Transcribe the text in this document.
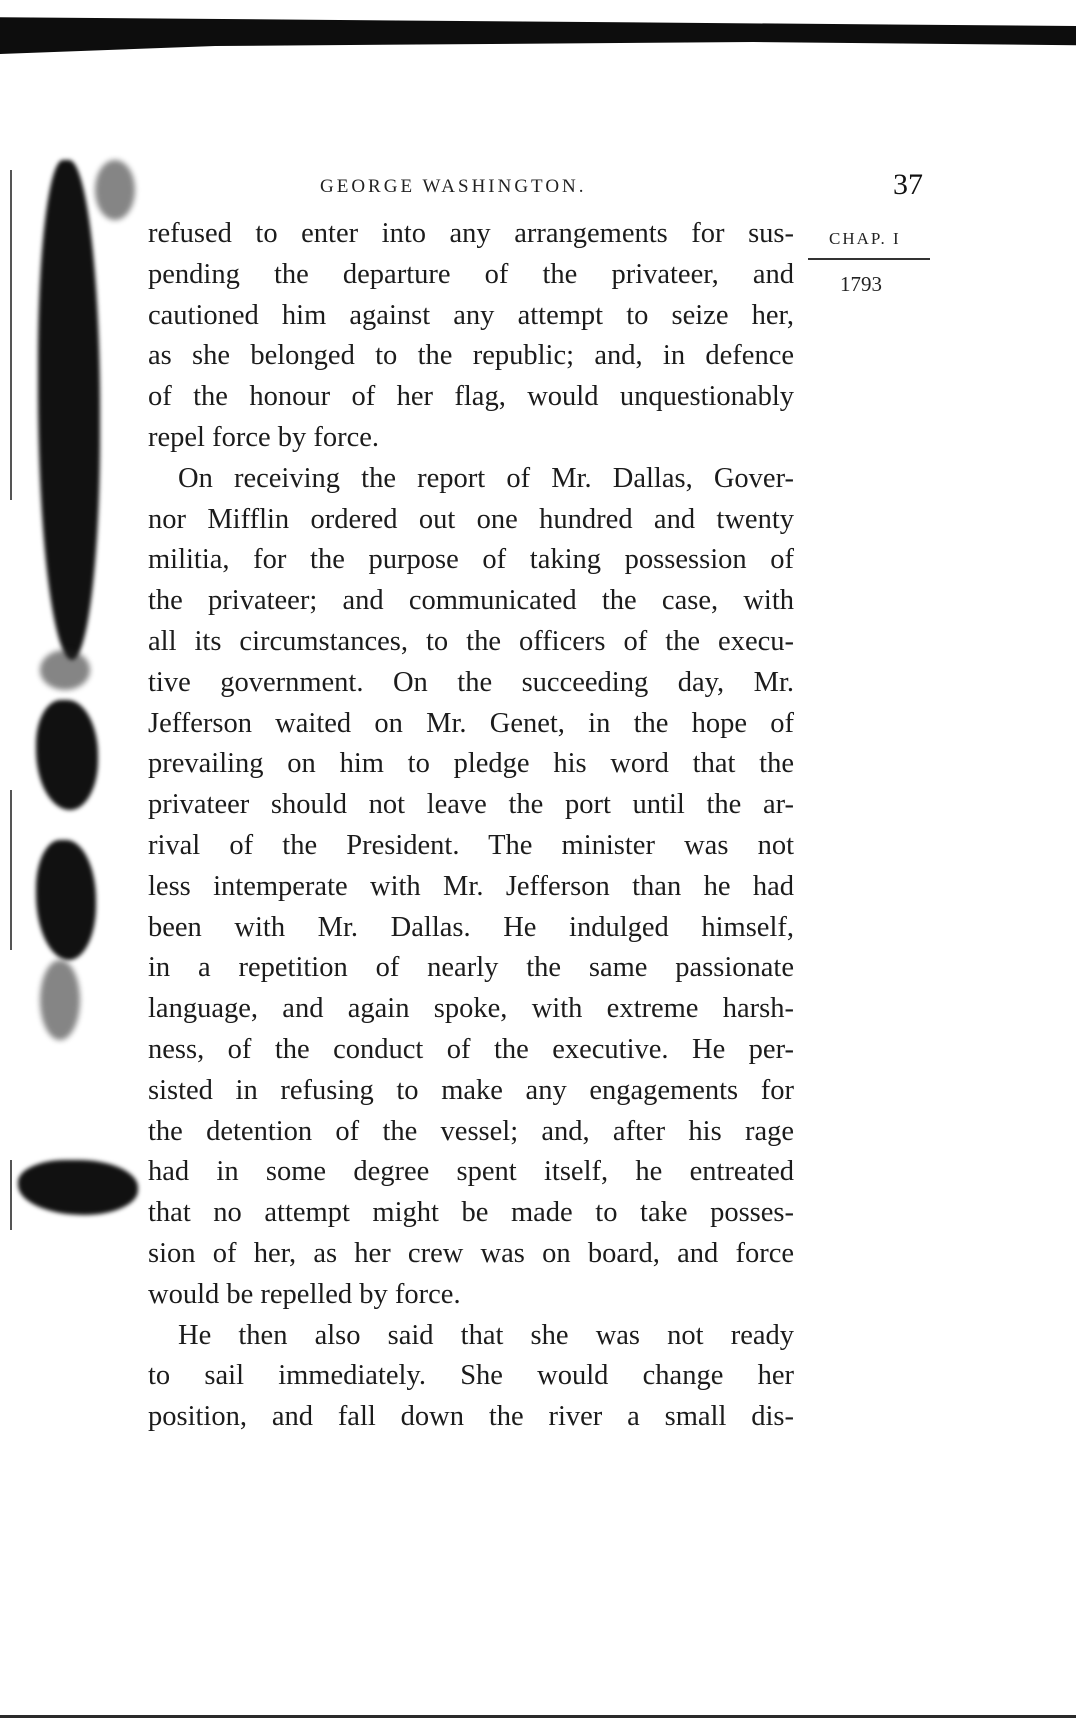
GEORGE WASHINGTON.	37
CHAP. I
1793
refused to enter into any arrangements for sus-
pending the departure of the privateer, and
cautioned him against any attempt to seize her,
as she belonged to the republic; and, in defence
of the honour of her flag, would unquestionably
repel force by force.
On receiving the report of Mr. Dallas, Gover-
nor Mifflin ordered out one hundred and twenty
militia, for the purpose of taking possession of
the privateer; and communicated the case, with
all its circumstances, to the officers of the execu-
tive government. On the succeeding day, Mr.
Jefferson waited on Mr. Genet, in the hope of
prevailing on him to pledge his word that the
privateer should not leave the port until the ar-
rival of the President. The minister was not
less intemperate with Mr. Jefferson than he had
been with Mr. Dallas. He indulged himself,
in a repetition of nearly the same passionate
language, and again spoke, with extreme harsh-
ness, of the conduct of the executive. He per-
sisted in refusing to make any engagements for
the detention of the vessel; and, after his rage
had in some degree spent itself, he entreated
that no attempt might be made to take posses-
sion of her, as her crew was on board, and force
would be repelled by force.
He then also said that she was not ready
to sail immediately. She would change her
position, and fall down the river a small dis-
